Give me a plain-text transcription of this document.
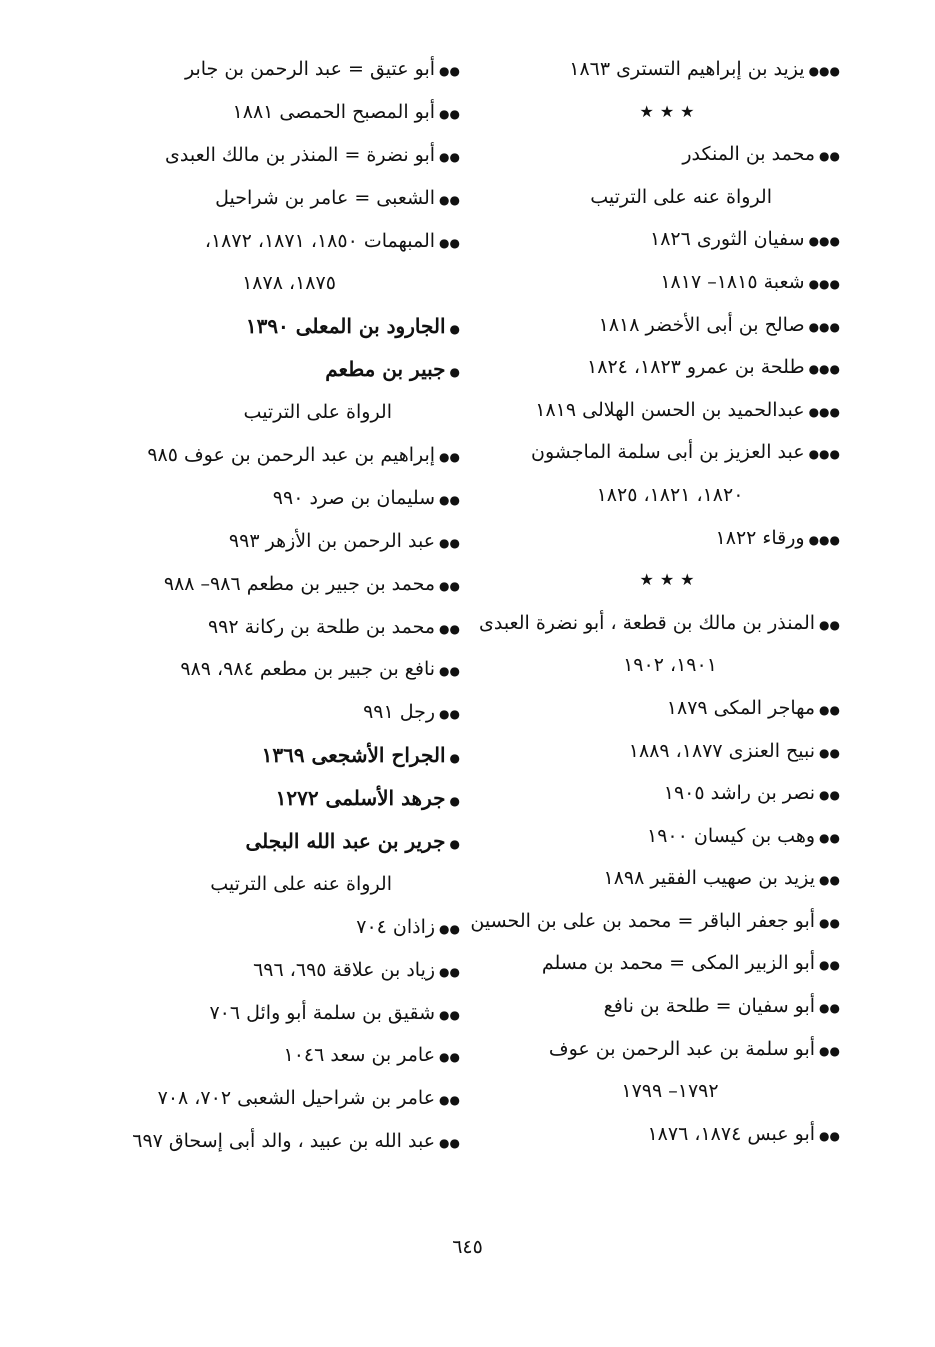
●●●يزيد بن إبراهيم التسترى ١٨٦٣
★★★
●●محمد بن المنكدر
الرواة عنه على الترتيب
●●●سفيان الثورى ١٨٢٦
●●●شعبة ١٨١٥– ١٨١٧
●●●صالح بن أبى الأخضر ١٨١٨
●●●طلحة بن عمرو ١٨٢٣، ١٨٢٤
●●●عبدالحميد بن الحسن الهلالى ١٨١٩
●●●عبد العزيز بن أبى سلمة الماجشون
١٨٢٠، ١٨٢١، ١٨٢٥
●●●ورقاء ١٨٢٢
★★★
●●المنذر بن مالك بن قطعة ، أبو نضرة العبدى
١٩٠١، ١٩٠٢
●●مهاجر المكى ١٨٧٩
●●نبيح العنزى ١٨٧٧، ١٨٨٩
●●نصر بن راشد ١٩٠٥
●●وهب بن كيسان ١٩٠٠
●●يزيد بن صهيب الفقير ١٨٩٨
●●أبو جعفر الباقر = محمد بن على بن الحسين
●●أبو الزبير المكى = محمد بن مسلم
●●أبو سفيان = طلحة بن نافع
●●أبو سلمة بن عبد الرحمن بن عوف
١٧٩٢– ١٧٩٩
●●أبو عبس ١٨٧٤، ١٨٧٦
●●أبو عتيق = عبد الرحمن بن جابر
●●أبو المصبح الحمصى ١٨٨١
●●أبو نضرة = المنذر بن مالك العبدى
●●الشعبى = عامر بن شراحيل
●●المبهمات ١٨٥٠، ١٨٧١، ١٨٧٢،
١٨٧٥، ١٨٧٨
●الجارود بن المعلى ١٣٩٠
●جبير بن مطعم
الرواة على الترتيب
●●إبراهيم بن عبد الرحمن بن عوف ٩٨٥
●●سليمان بن صرد ٩٩٠
●●عبد الرحمن بن الأزهر ٩٩٣
●●محمد بن جبير بن مطعم ٩٨٦– ٩٨٨
●●محمد بن طلحة بن ركانة ٩٩٢
●●نافع بن جبير بن مطعم ٩٨٤، ٩٨٩
●●رجل ٩٩١
●الجراح الأشجعى ١٣٦٩
●جرهد الأسلمى ١٢٧٢
●جرير بن عبد الله البجلى
الرواة عنه على الترتيب
●●زاذان ٧٠٤
●●زياد بن علاقة ٦٩٥، ٦٩٦
●●شقيق بن سلمة أبو وائل ٧٠٦
●●عامر بن سعد ١٠٤٦
●●عامر بن شراحيل الشعبى ٧٠٢، ٧٠٨
●●عبد الله بن عبيد ، والد أبى إسحاق ٦٩٧
٦٤٥
